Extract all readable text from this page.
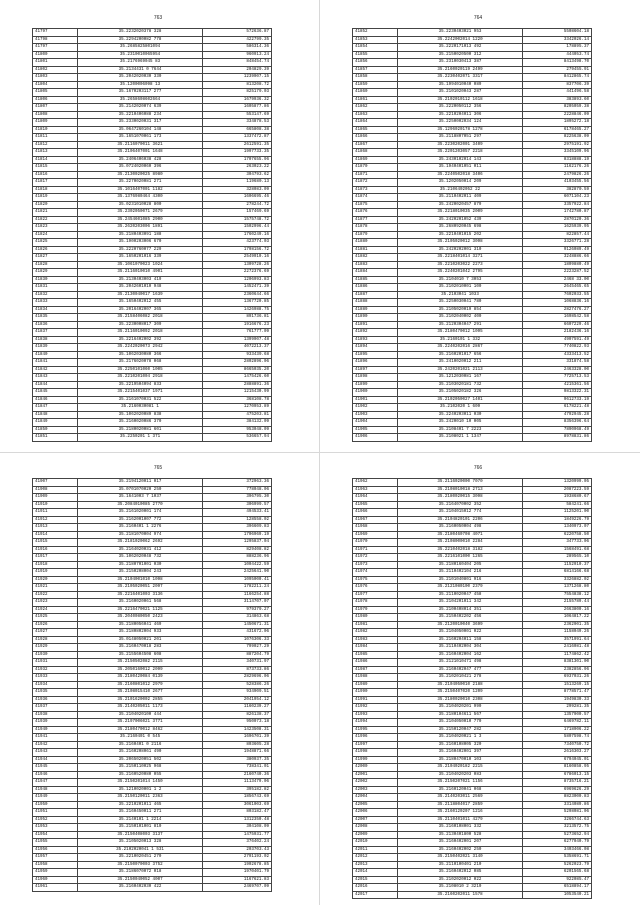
763
41797	35.2232020378 328	572636.87
41798	35.2294200082 778	422799.35
41797	35.2685825801094	586314.36
41800	35.2310010065954	960913.24
41801	35.2176969045 83	848454.74
41802	35.2134431 0 7644	204829.39
41803	35.2042020030 330	1239907.15
41804	35.1200006098 13	813208.72
41805	35.1670203117 277	825179.03
41806	35.2658608602664	1679936.32
41807	35.2142020074 639	1605877.86
41808	35.2210406088 234	553147.69
41809	35.2330020031 317	334878.53
41810	35.0647260104 148	665808.38
41811	35.1651070061 173	1337472.87
41812	35.2116070011 3621	2612591.35
41813	35.2106407001 1648	1997733.35
41814	35.2406406038 428	1707655.96
41815	35.0724020060 396	263023.22
41816	35.2130020025 8980	304793.62
41817	35.2270020081 271	119680.13
41818	35.1016407001 1182	328083.09
41819	35.1376980464 4300	1606695.46
41820	35.0231010028 800	278244.72
41821	35.2302050071 2679	157469.69
41822	35.2454601085 2900	1575748.72
41823	35.2620203006 1891	1502996.44
41824	35.2180403091 188	1760249.16
41825	35.1900203006 670	423774.03
41826	35.2220760077 229	1798156.72
41827	35.1650201016 339	2549910.16
41828	35.1061070023 1024	1309728.26
41829	35.2116010010 4901	2272376.69
41830	35.2130403003 419	1206993.83
41831	35.2042601010 948	1452471.39
41832	35.2130040017 1639	2360644.66
41833	35.1650402012 455	1367720.85
41834	35.2016402007 365	1426988.75
41835	35.2158406082 2018	891736.81
41836	35.2230008017 309	1916676.23
41837	35.2116010092 2018	761777.09
41838	35.2216402002 392	1399907.48
41839	35.2242020073 2942	4072213.37
41840	35.1062030080 366	933439.68
41841	35.2176020078 068	2802896.06
41842	35.2250101060 1005	8665035.20
41843	35.2210201004 2918	1475426.60
41844	35.2219504094 833	2888891.36
41845	35.2215401037 1971	1215430.99
41846	35.2161070031 522	368108.78
41847	35.2160030081 1	1270953.89
41848	35.1062020089 838	475203.81
41849	35.2160020086 370	384132.09
41850	35.2180020081 601	953048.09
41851	35.2250201 1 371	536657.94
764
41852	35.2230403021 953	5508604.18
41853	35.2242002014 1220	3342026.14
41854	35.2220171013 492	178895.37
41855	35.2150020500 312	444053.74
41856	35.2310030413 387	8413498.70
41857	35.2160020119 2499	279455.91
41858	35.2230402071 3317	8412865.74
41859	35.1994010040 089	837706.39
41860	35.2101020043 287	441496.58
41861	35.2102010112 1618	383893.60
41862	35.2220050112 356	8205059.38
41863	35.2210204011 306	2228846.09
41864	35.2250002034 124	1895272.18
41865	35.1296020178 1278	6178465.27
41866	35.2118807051 297	8225638.09
41867	35.2230202001 3409	2975191.92
41868	35.2201203057 2218	3345109.96
41869	35.2430102014 143	8318888.19
41870	35.1940401051 011	1162176.26
41871	35.2240502018 3406	2479826.26
41872	35.1202050014 209	4103455.56
41873	35.2106402052 22	382870.59
41874	35.2110402011 409	6071104.23
41875	35.2420020457 879	3357922.84
41876	35.2218010035 2009	1742780.87
41877	35.2420201052 439	2870120.36
41878	35.2680920045 698	1625939.95
41879	35.2210401015 202	822857.44
41880	35.2105020012 3098	3326771.28
41881	35.2420202001 310	9126089.49
41882	35.2218401014 3271	3248886.66
41883	35.2210203022 2273	1809880.49
41884	35.2240201042 2795	2223287.52
41885	35.2104010 7 3053	2468 33.00
41886	35.2102010001 100	2645465.65
41887	35.2103041 1033	7602033.55
41888	35.2250030041 780	1068836.16
41889	35.2105020019 854	2827476.27
41890	35.2102040002 400	1698542.58
41891	35.2120304047 291	6607229.46
41892	35.2180470012 1095	2182436.16
41893	35.2160101 1 332	4907591.49
41894	35.2240202016 2867	7740822.93
41895	35.2160201017 656	4333413.52
41896	35.2410020012 211	331874.58
41897	35.2420201021 2113	2463328.00
41898	35.1212030081 167	7725713.53
41899	35.2103020181 732	4215361.56
41900	35.2105020182 326	9813322.31
41901	35.2102050027 1401	9612733.19
41902	35.2102020 1 609	6178221.48
41903	35.2240203011 030	4792945.28
41904	35.2420010 10 005	8356396.64
41905	35.2108401 7 2223	7890968.49
41906	35.2108021 1 1347	8978831.86
765
41907	35.2194120011 017	372963.36
41908	35.0701070020 250	778048.06
41909	35.1641003 7 1037	396795.30
41910	35.2084010085 2770	306999.57
41911	35.2161020001 174	494533.41
41912	35.2162001007 772	128558.02
41913	35.2160401 1 2276	396609.83
41914	35.2181070004 974	1706969.19
41915	35.2181020062 2692	1295837.04
41916	35.2164020031 412	829408.82
41917	35.1062020048 732	888236.96
41918	35.2180701001 030	1004422.59
41919	35.2150208004 243	2425641.90
41920	35.2104001010 1098	1095000.41
41921	35.2105020051 2097	1782211.24
41922	35.2216401003 3136	1166254.88
41923	35.2160020061 568	3114707.07
41924	35.2216470021 1125	979379.27
41925	35.2040080050 2423	314863.68
41926	35.2180056041 469	1450671.31
41927	35.2180802004 933	431672.06
41928	35.0148050021 201	1076306.33
41929	35.2160470018 283	799027.29
41930	35.2155604508 608	887204.79
41931	35.2150502082 2115	340731.97
41932	35.2050160012 2099	873733.86
41933	35.2180420084 0139	2829696.06
41934	35.2160801012 2979	528386.26
41935	35.2108015410 2677	934909.51
41936	35.2101620002 2855	2041954.12
41937	35.2140205011 1173	1160239.27
41938	35.2104020100 444	826138.37
41939	35.2197006021 3771	950073.18
41940	35.2180470012 8462	1423508.31
41941	35.2160401 0 545	1696701.39
41942	35.2160401 0 2116	803605.28
41943	35.2160208061 490	1948871.66
41944	35.2065020051 502	380937.35
41945	35.2150110025 968	738341.01
41946	35.2160520080 055	2160740.36
41947	35.2150201014 1450	1113479.06
41948	35.1210020001 1 2	395182.82
41949	35.2150120011 2363	1856743.69
41950	35.2210201011 465	3061003.69
41951	35.2160450011 271	803182.47
41952	35.2140101 1 2214	1312350.48
41953	35.2150101001 810	304108.09
41954	35.2150408003 3137	1475931.77
41955	35.2105020013 328	376402.24
41956	35.2102020041 1 531	203703.43
41957	35.2210020451 270	2791193.02
41958	35.2150070003 3752	1902678.85
41959	35.2186070072 018	1970401.79
41960	35.2150040052 4007	1167621.83
41961	35.2160402030 422	2469707.09
766
41962	35.2116020000 7070	1320999.05
41963	35.2108010018 2713	2087223.59
41964	35.2180020015 3098	1938680.67
41965	35.2164070002 352	584241.66
41966	35.2104015012 774	1125201.00
41967	35.2104820101 2206	1849226.79
41968	35.2160050004 498	1340973.07
41969	35.2180460708 4071	6220758.50
41970	35.2108000010 2284	347733.06
41971	35.2210402018 3182	1568491.68
41972	35.2216101000 1265	289565.10
41973	35.2180160404 205	1152910.37
41974	35.2110402104 216	6814166.68
41975	35.2101040801 916	3326882.02
41976	35.2121080100 2379	1371268.80
41977	35.2110020047 458	7554838.12
41978	35.2104201011 342	2155789.44
41979	35.2100408014 351	2663800.16
41980	35.2150402202 456	1064817.22
41981	35.2120010040 3699	2362901.35
41982	35.2104050001 022	1158049.26
41983	35.2160204011 158	3571991.64
41984	35.2110402004 304	2416081.48
41985	35.2160402004 162	1174862.42
41986	35.2121010471 498	8381301.00
41987	35.2160402047 477	2382856.96
41988	35.2102010421 278	6937031.26
41989	35.2104050010 2188	1513269.15
41990	35.2150407020 1209	8778571.47
41991	35.2180020010 2308	1949830.33
41992	35.2104020201 990	299281.35
41993	35.2180104611 567	1357900.57
41994	35.2104050010 770	6469782.11
41995	35.2150120047 282	1718906.22
41996	35.2104020021 1 3	5807598.74
41997	35.2160108005 320	7340750.72
41998	35.2160402001 397	2616303.27
41999	35.2180470010 103	6794045.01
42000	35.2104020182 2215	8160858.95
42001	35.2104020203 083	6786013.15
42002	35.2150207021 1156	8735716.21
42003	35.2160120041 068	6969626.29
42004	35.2140203011 2569	8823000.83
42005	35.2118804017 2859	3314089.86
42006	35.2160120207 1216	5298081.06
42007	35.2110401011 4279	3266744.63
42008	35.2160108001 332	3213572.75
42009	35.2130401800 528	5273652.94
42010	35.2160402001 207	6277040.79
42011	35.2160402002 250	3403466.08
42012	35.2150402021 3140	5358691.71
42013	35.2110100401 210	5262023.79
42014	35.2160402012 085	6201565.68
42015	35.2102020012 022	922085.47
42016	35.2108010 2 3210	6518894.17
42017	35.2160202011 1578	1053540.21
